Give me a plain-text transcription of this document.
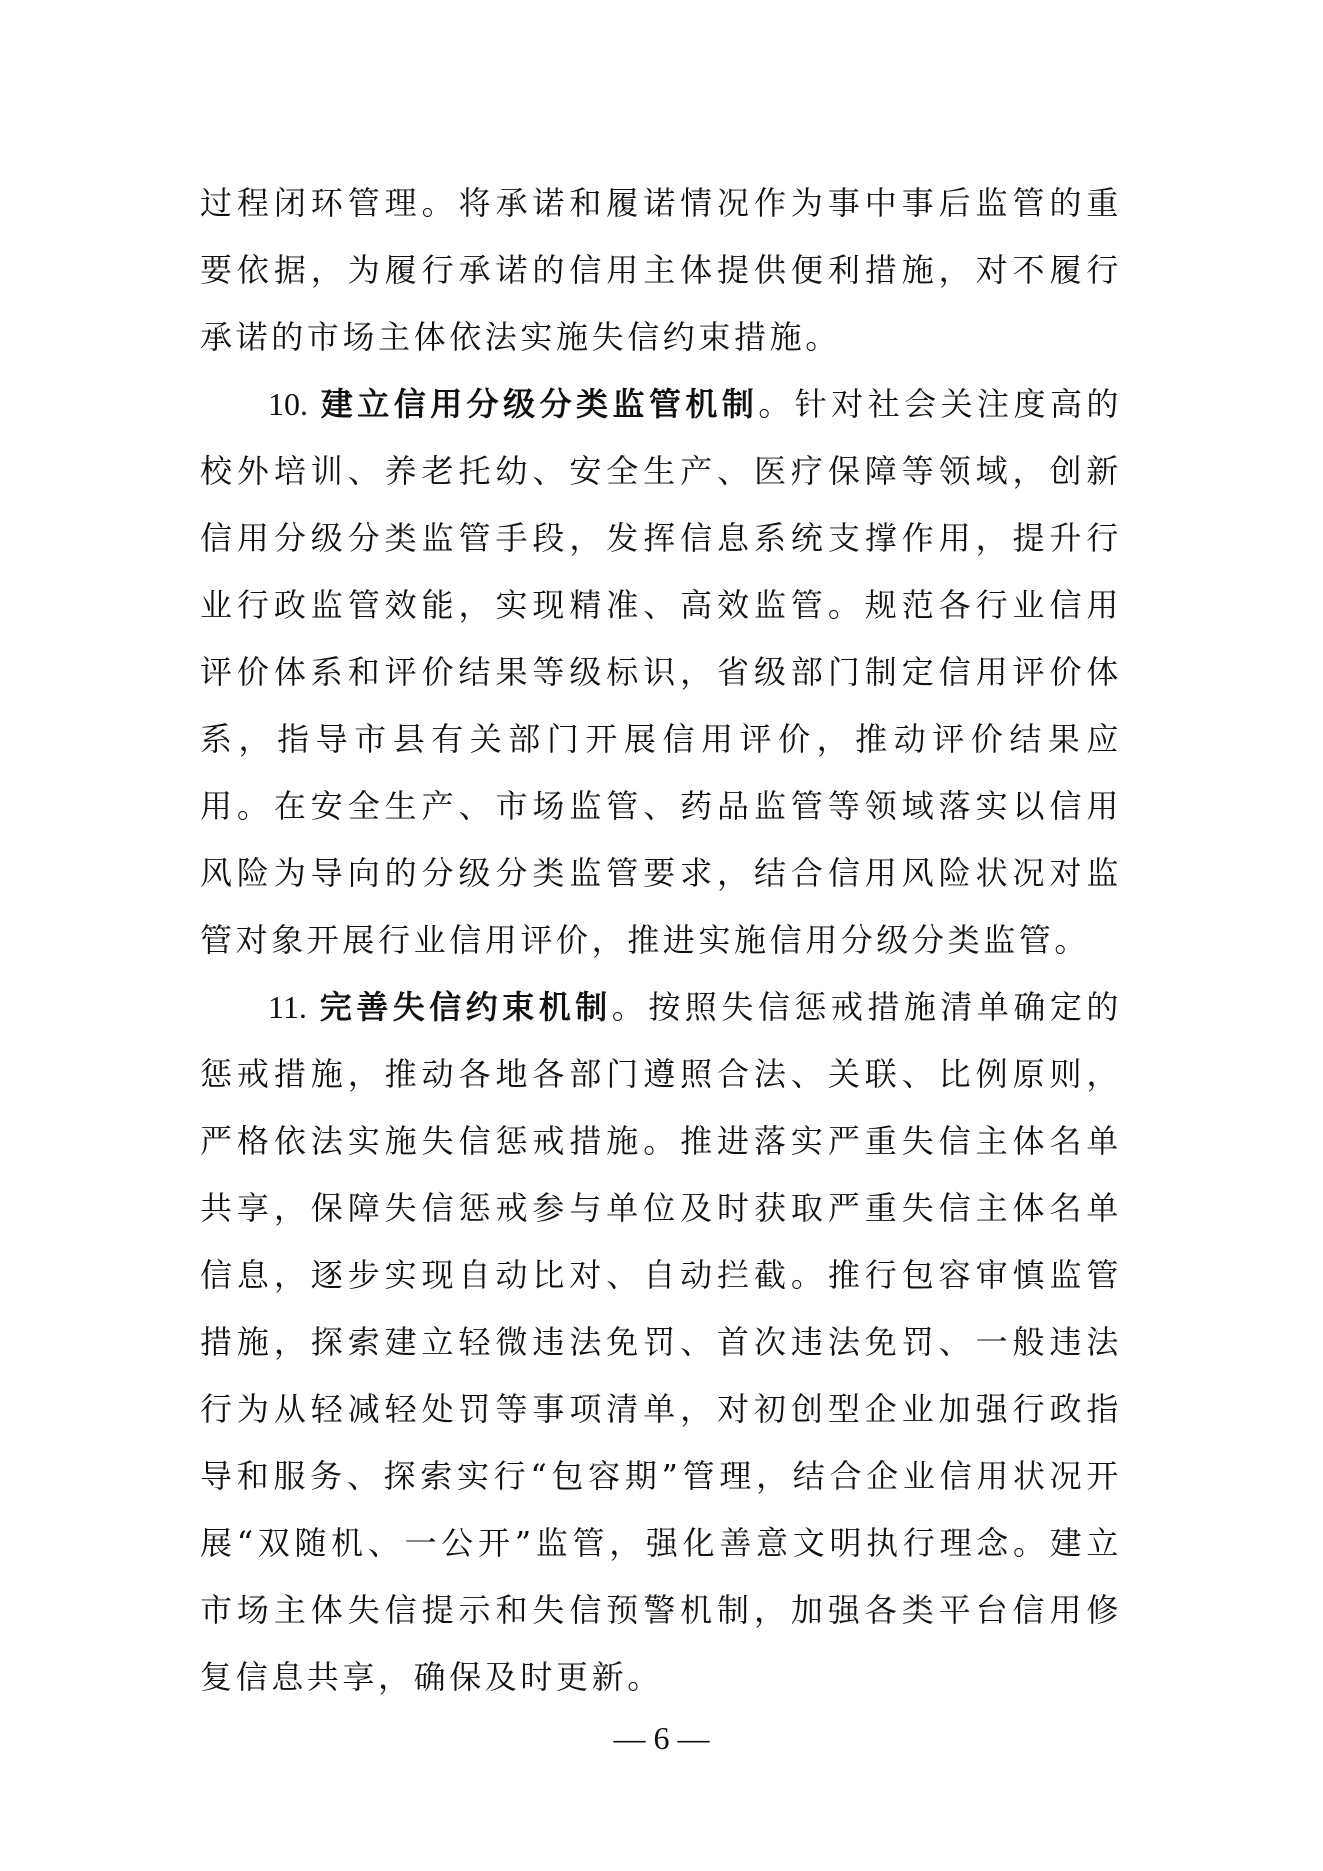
过程闭环管理。将承诺和履诺情况作为事中事后监管的重要依据，为履行承诺的信用主体提供便利措施，对不履行承诺的市场主体依法实施失信约束措施。

10. 建立信用分级分类监管机制。针对社会关注度高的校外培训、养老托幼、安全生产、医疗保障等领域，创新信用分级分类监管手段，发挥信息系统支撑作用，提升行业行政监管效能，实现精准、高效监管。规范各行业信用评价体系和评价结果等级标识，省级部门制定信用评价体系，指导市县有关部门开展信用评价，推动评价结果应用。在安全生产、市场监管、药品监管等领域落实以信用风险为导向的分级分类监管要求，结合信用风险状况对监管对象开展行业信用评价，推进实施信用分级分类监管。

11. 完善失信约束机制。按照失信惩戒措施清单确定的惩戒措施，推动各地各部门遵照合法、关联、比例原则，严格依法实施失信惩戒措施。推进落实严重失信主体名单共享，保障失信惩戒参与单位及时获取严重失信主体名单信息，逐步实现自动比对、自动拦截。推行包容审慎监管措施，探索建立轻微违法免罚、首次违法免罚、一般违法行为从轻减轻处罚等事项清单，对初创型企业加强行政指导和服务、探索实行“包容期”管理，结合企业信用状况开展“双随机、一公开”监管，强化善意文明执行理念。建立市场主体失信提示和失信预警机制，加强各类平台信用修复信息共享，确保及时更新。

— 6 —
